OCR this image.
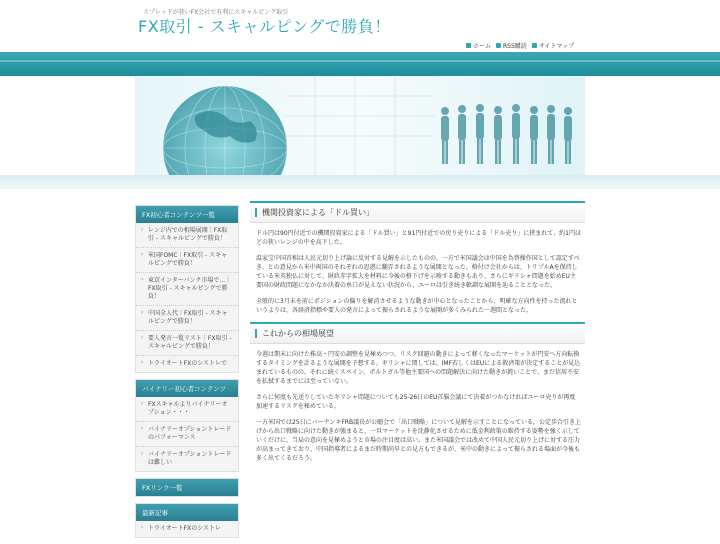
スプレッドが狭いFX会社で有利にスキャルピング取引
FX取引 - スキャルピングで勝負！
ホーム RSS購読 サイトマップ
FX初心者コンテンツ一覧
› レンジ内での相場展開｜FX取引 - スキャルピングで勝負！
› 米国FOMC｜FX取引 - スキャルピングで勝負！
› 東京インターバンク市場で...｜FX取引 - スキャルピングで勝負！
› 中国全人代｜FX取引 - スキャルピングで勝負！
› 要人発言一覧リスト｜FX取引 - スキャルピングで勝負！
› トライオートFXのシストレで
バイナリー初心者コンテンツ
› FXスキャルよりバイナリーオプション・・・
› バイナリーオプショントレードのパフォーマンス
› バイナリーオプショントレードは難しい
FXリンク一覧
最新記事
› トライオートFXのシストレ
機関投資家による「ドル買い」

ドル円は90円付近での機関投資家による「ドル買い」と91円付近での戻り売りによる「ドル売り」に挟まれて、約1円ほどの狭いレンジの中を高下した。

温家宝中国首相は人民元切り上げ論に反対する見解を示したものの、一方で米国議会は中国を為替操作国として認定すべき、との意見から米中両国のそれぞれの思惑に翻弄されるような展開となった。格付け会社からは、トリプルAを保持している米英独仏に対して、財政赤字拡大を材料に今後の格下げを示唆する動きもあり、さらにギリシャ問題を始めEU主要国の財政問題になかなか決着の糸口が見えない状況から、ユーロは引き続き軟調な展開を辿ることとなった。

全般的に3月末を前にポジションの偏りを解消させるような動きが中心となったことから、明確な方向性を持った流れというよりは、各経済指標や要人の発言によって振らされるような展開が多くみられた一週間となった。

これからの相場展望

今週は期末に向けた株高・円安の調整を見極めつつ、リスク回避の動きによって軽くなったマーケットが円安へ方向転換するタイミングを計るような展開を予想する。ギリシャに関しては、IMF若しくはEUによる救済策が決定することが見込まれているものの、それに続くスペイン、ポルトガル等他主要国への問題解決に向けた動きが鈍いことで、まだ信用不安を払拭するまでには至っていない。

さらに何度も先送りしていたギリシャ問題についても25-26日のEU首脳会議にて決着がつかなければユーロ売りが再度加速するリスクを秘めている。

一方米国では25日にバーナンキFRB議長が公聴会で「出口戦略」について見解を示すことになっている。公定歩合引き上げから出口戦略に向けた動きが強まると、一旦マーケットを沈静化させるために低金利政策の維持する姿勢を強く示していくだけに、当局の意向を見極めようと市場の注目度は高い。また米国議会では改めて中国人民元切り上げに対する圧力が高まってきており、中国指導者によるまだ時期尚早との見方もできるが、米中の動きによって振らされる場面が今後も多く出てくるだろう。
